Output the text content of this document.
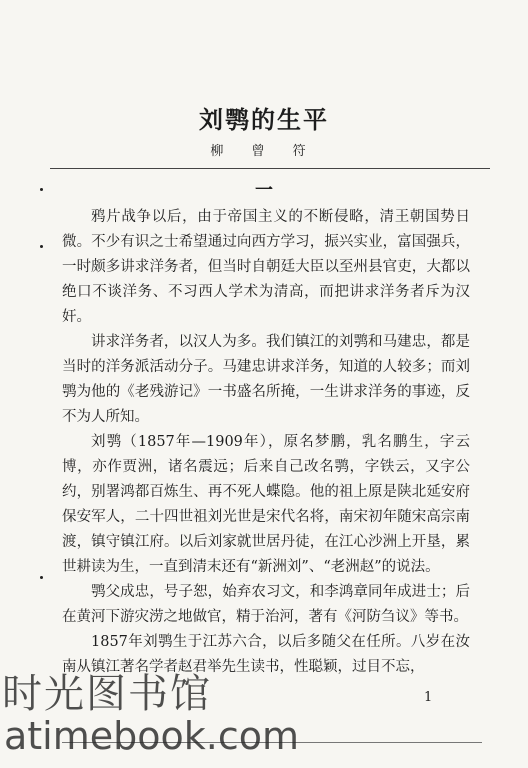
刘鹗的生平
柳 曾 符
一

鸦片战争以后，由于帝国主义的不断侵略，清王朝国势日微。不少有识之士希望通过向西方学习，振兴实业，富国强兵，一时颇多讲求洋务者，但当时自朝廷大臣以至州县官吏，大都以绝口不谈洋务、不习西人学术为清高，而把讲求洋务者斥为汉奸。

讲求洋务者，以汉人为多。我们镇江的刘鹗和马建忠，都是当时的洋务派活动分子。马建忠讲求洋务，知道的人较多；而刘鹗为他的《老残游记》一书盛名所掩，一生讲求洋务的事迹，反不为人所知。

刘鹗（1857年—1909年），原名梦鹏，乳名鹏生，字云博，亦作贾洲，诸名震远；后来自己改名鹗，字铁云，又字公约，别署鸿都百炼生、再不死人蝶隐。他的祖上原是陕北延安府保安军人，二十四世祖刘光世是宋代名将，南宋初年随宋高宗南渡，镇守镇江府。以后刘家就世居丹徒，在江心沙洲上开垦，累世耕读为生，一直到清末还有“新洲刘”、“老洲赵”的说法。

鹗父成忠，号子恕，始弃农习文，和李鸿章同年成进士；后在黄河下游灾涝之地做官，精于治河，著有《河防刍议》等书。

1857年刘鹗生于江苏六合，以后多随父在任所。八岁在汝南从镇江著名学者赵君举先生读书，性聪颖，过目不忘，

1
时光图书馆
atimebook.com
